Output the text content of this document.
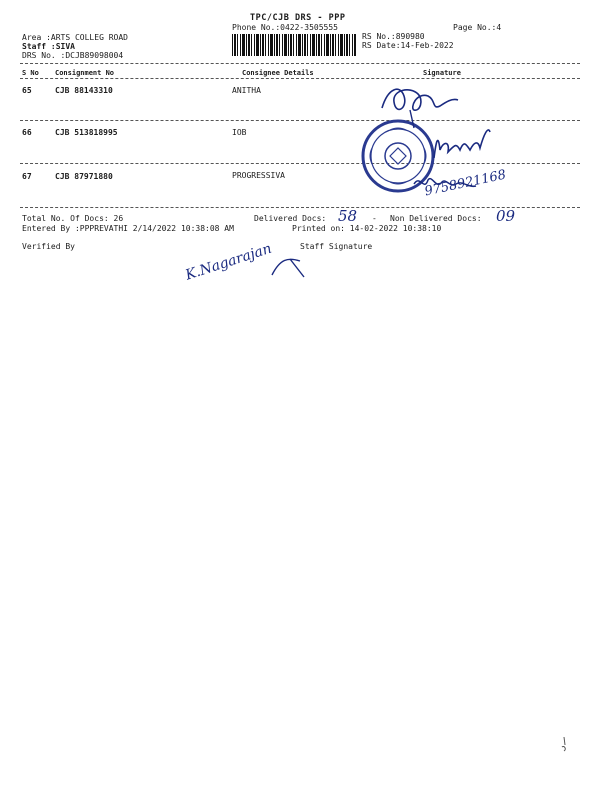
TPC/CJB DRS - PPP
Phone No.:0422-3505555	Page No.:4
Area :ARTS COLLEG ROAD
Staff :SIVA
DRS No. :DCJB89098004
RS No.:890980
RS Date:14-Feb-2022
S No Consignment No	Consignee Details	Signature
65	CJB 88143310	ANITHA
66	CJB 513818995	IOB
67	CJB 87971880	PROGRESSIVA	9758921168
Total No. Of Docs: 26	Delivered Docs: 58 - Non Delivered Docs: 09
Entered By :PPPREVATHI 2/14/2022 10:38:08 AM	Printed on: 14-02-2022 10:38:10
Verified By	Staff Signature
K.Nagarajan
